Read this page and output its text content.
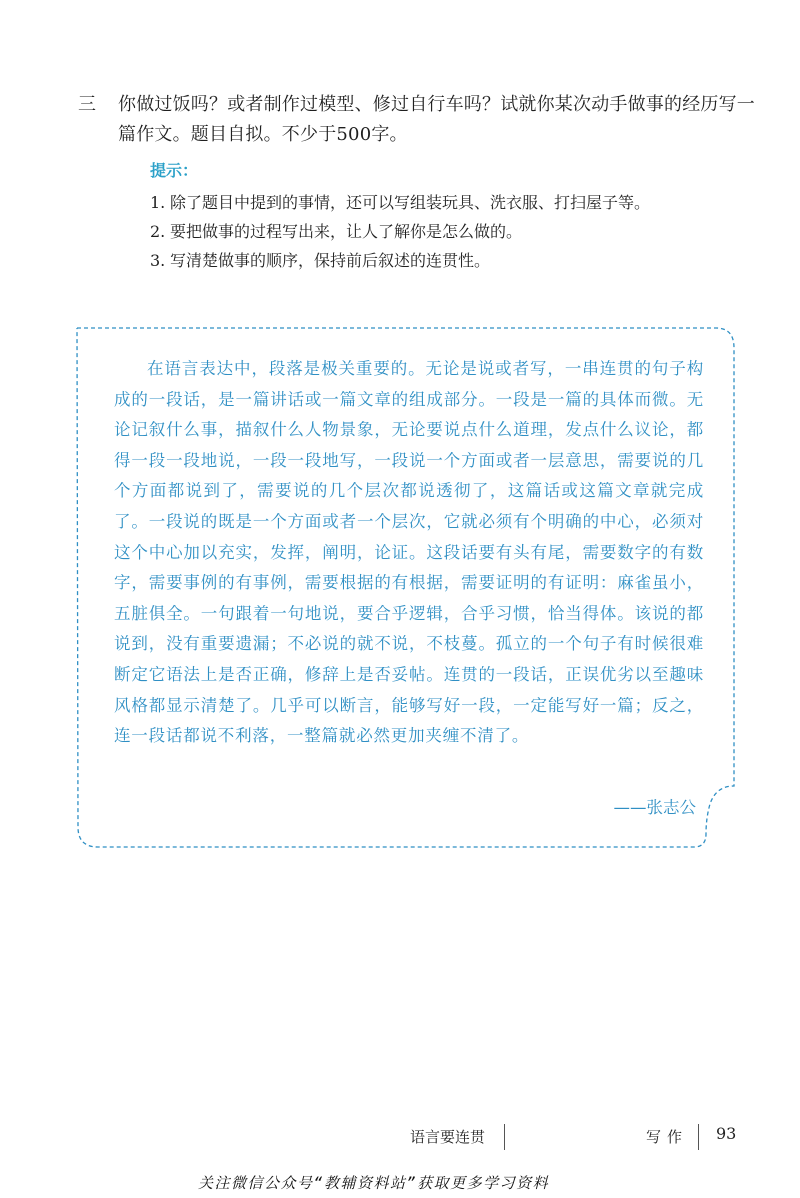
三 你做过饭吗？或者制作过模型、修过自行车吗？试就你某次动手做事的经历写一篇作文。题目自拟。不少于500字。
提示：
1. 除了题目中提到的事情，还可以写组装玩具、洗衣服、打扫屋子等。
2. 要把做事的过程写出来，让人了解你是怎么做的。
3. 写清楚做事的顺序，保持前后叙述的连贯性。
在语言表达中，段落是极关重要的。无论是说或者写，一串连贯的句子构成的一段话，是一篇讲话或一篇文章的组成部分。一段是一篇的具体而微。无论记叙什么事，描叙什么人物景象，无论要说点什么道理，发点什么议论，都得一段一段地说，一段一段地写，一段说一个方面或者一层意思，需要说的几个方面都说到了，需要说的几个层次都说透彻了，这篇话或这篇文章就完成了。一段说的既是一个方面或者一个层次，它就必须有个明确的中心，必须对这个中心加以充实，发挥，阐明，论证。这段话要有头有尾，需要数字的有数字，需要事例的有事例，需要根据的有根据，需要证明的有证明：麻雀虽小，五脏俱全。一句跟着一句地说，要合乎逻辑，合乎习惯，恰当得体。该说的都说到，没有重要遗漏；不必说的就不说，不枝蔓。孤立的一个句子有时候很难断定它语法上是否正确，修辞上是否妥帖。连贯的一段话，正误优劣以至趣味风格都显示清楚了。几乎可以断言，能够写好一段，一定能写好一篇；反之，连一段话都说不利落，一整篇就必然更加夹缠不清了。
——张志公
语言要连贯	写作 93
关注微信公众号“教辅资料站”获取更多学习资料
